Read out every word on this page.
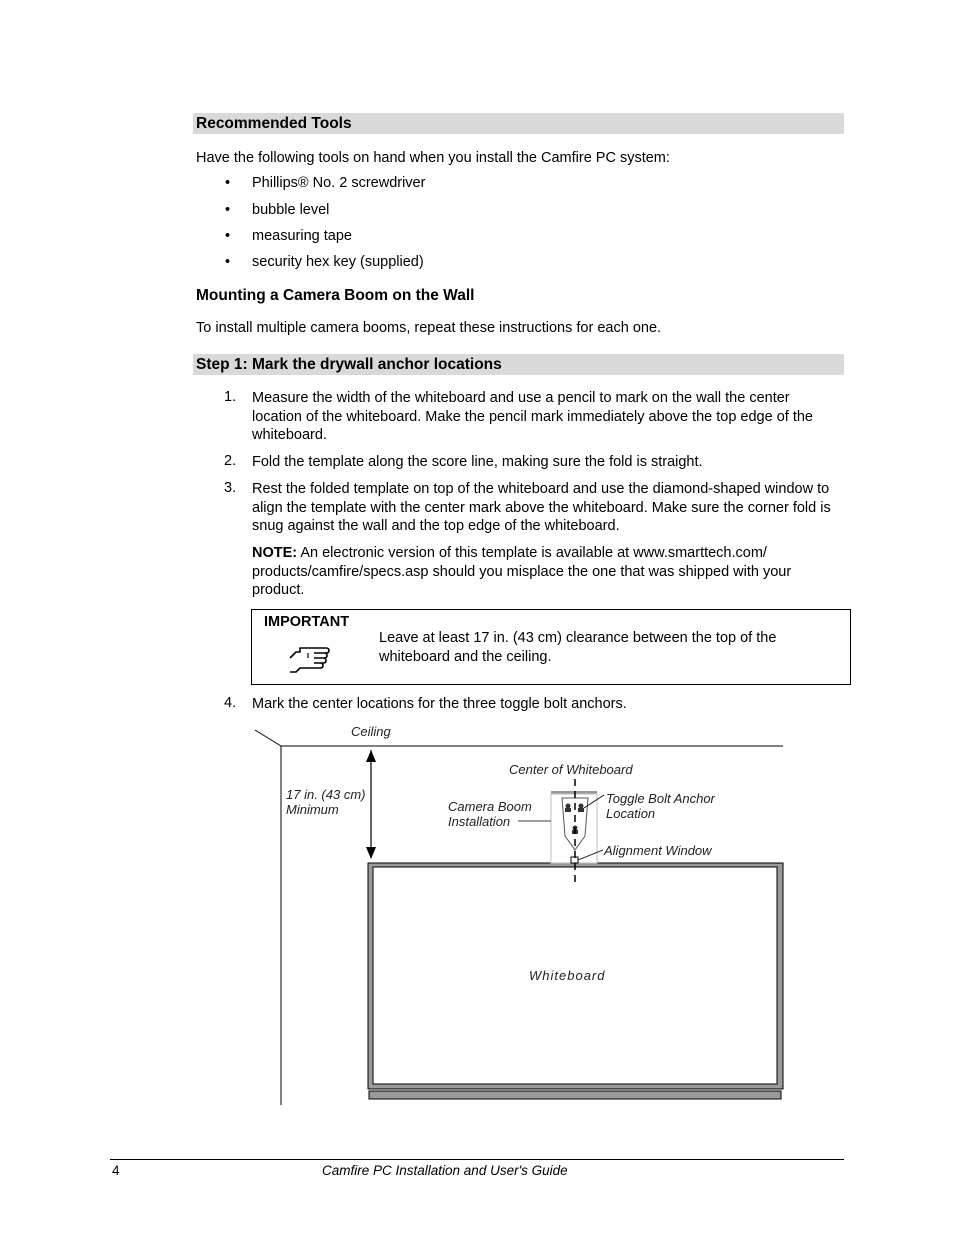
Recommended Tools
Have the following tools on hand when you install the Camfire PC system:
• Phillips® No. 2 screwdriver
• bubble level
• measuring tape
• security hex key (supplied)
Mounting a Camera Boom on the Wall
To install multiple camera booms, repeat these instructions for each one.
Step 1: Mark the drywall anchor locations
1. Measure the width of the whiteboard and use a pencil to mark on the wall the center location of the whiteboard. Make the pencil mark immediately above the top edge of the whiteboard.
2. Fold the template along the score line, making sure the fold is straight.
3. Rest the folded template on top of the whiteboard and use the diamond-shaped window to align the template with the center mark above the whiteboard. Make sure the corner fold is snug against the wall and the top edge of the whiteboard.
NOTE: An electronic version of this template is available at www.smarttech.com/ products/camfire/specs.asp should you misplace the one that was shipped with your product.
IMPORTANT
Leave at least 17 in. (43 cm) clearance between the top of the whiteboard and the ceiling.
4. Mark the center locations for the three toggle bolt anchors.
Ceiling
17 in. (43 cm) Minimum
Center of Whiteboard
Camera Boom Installation
Toggle Bolt Anchor Location
Alignment Window
Whiteboard
4	Camfire PC Installation and User's Guide
